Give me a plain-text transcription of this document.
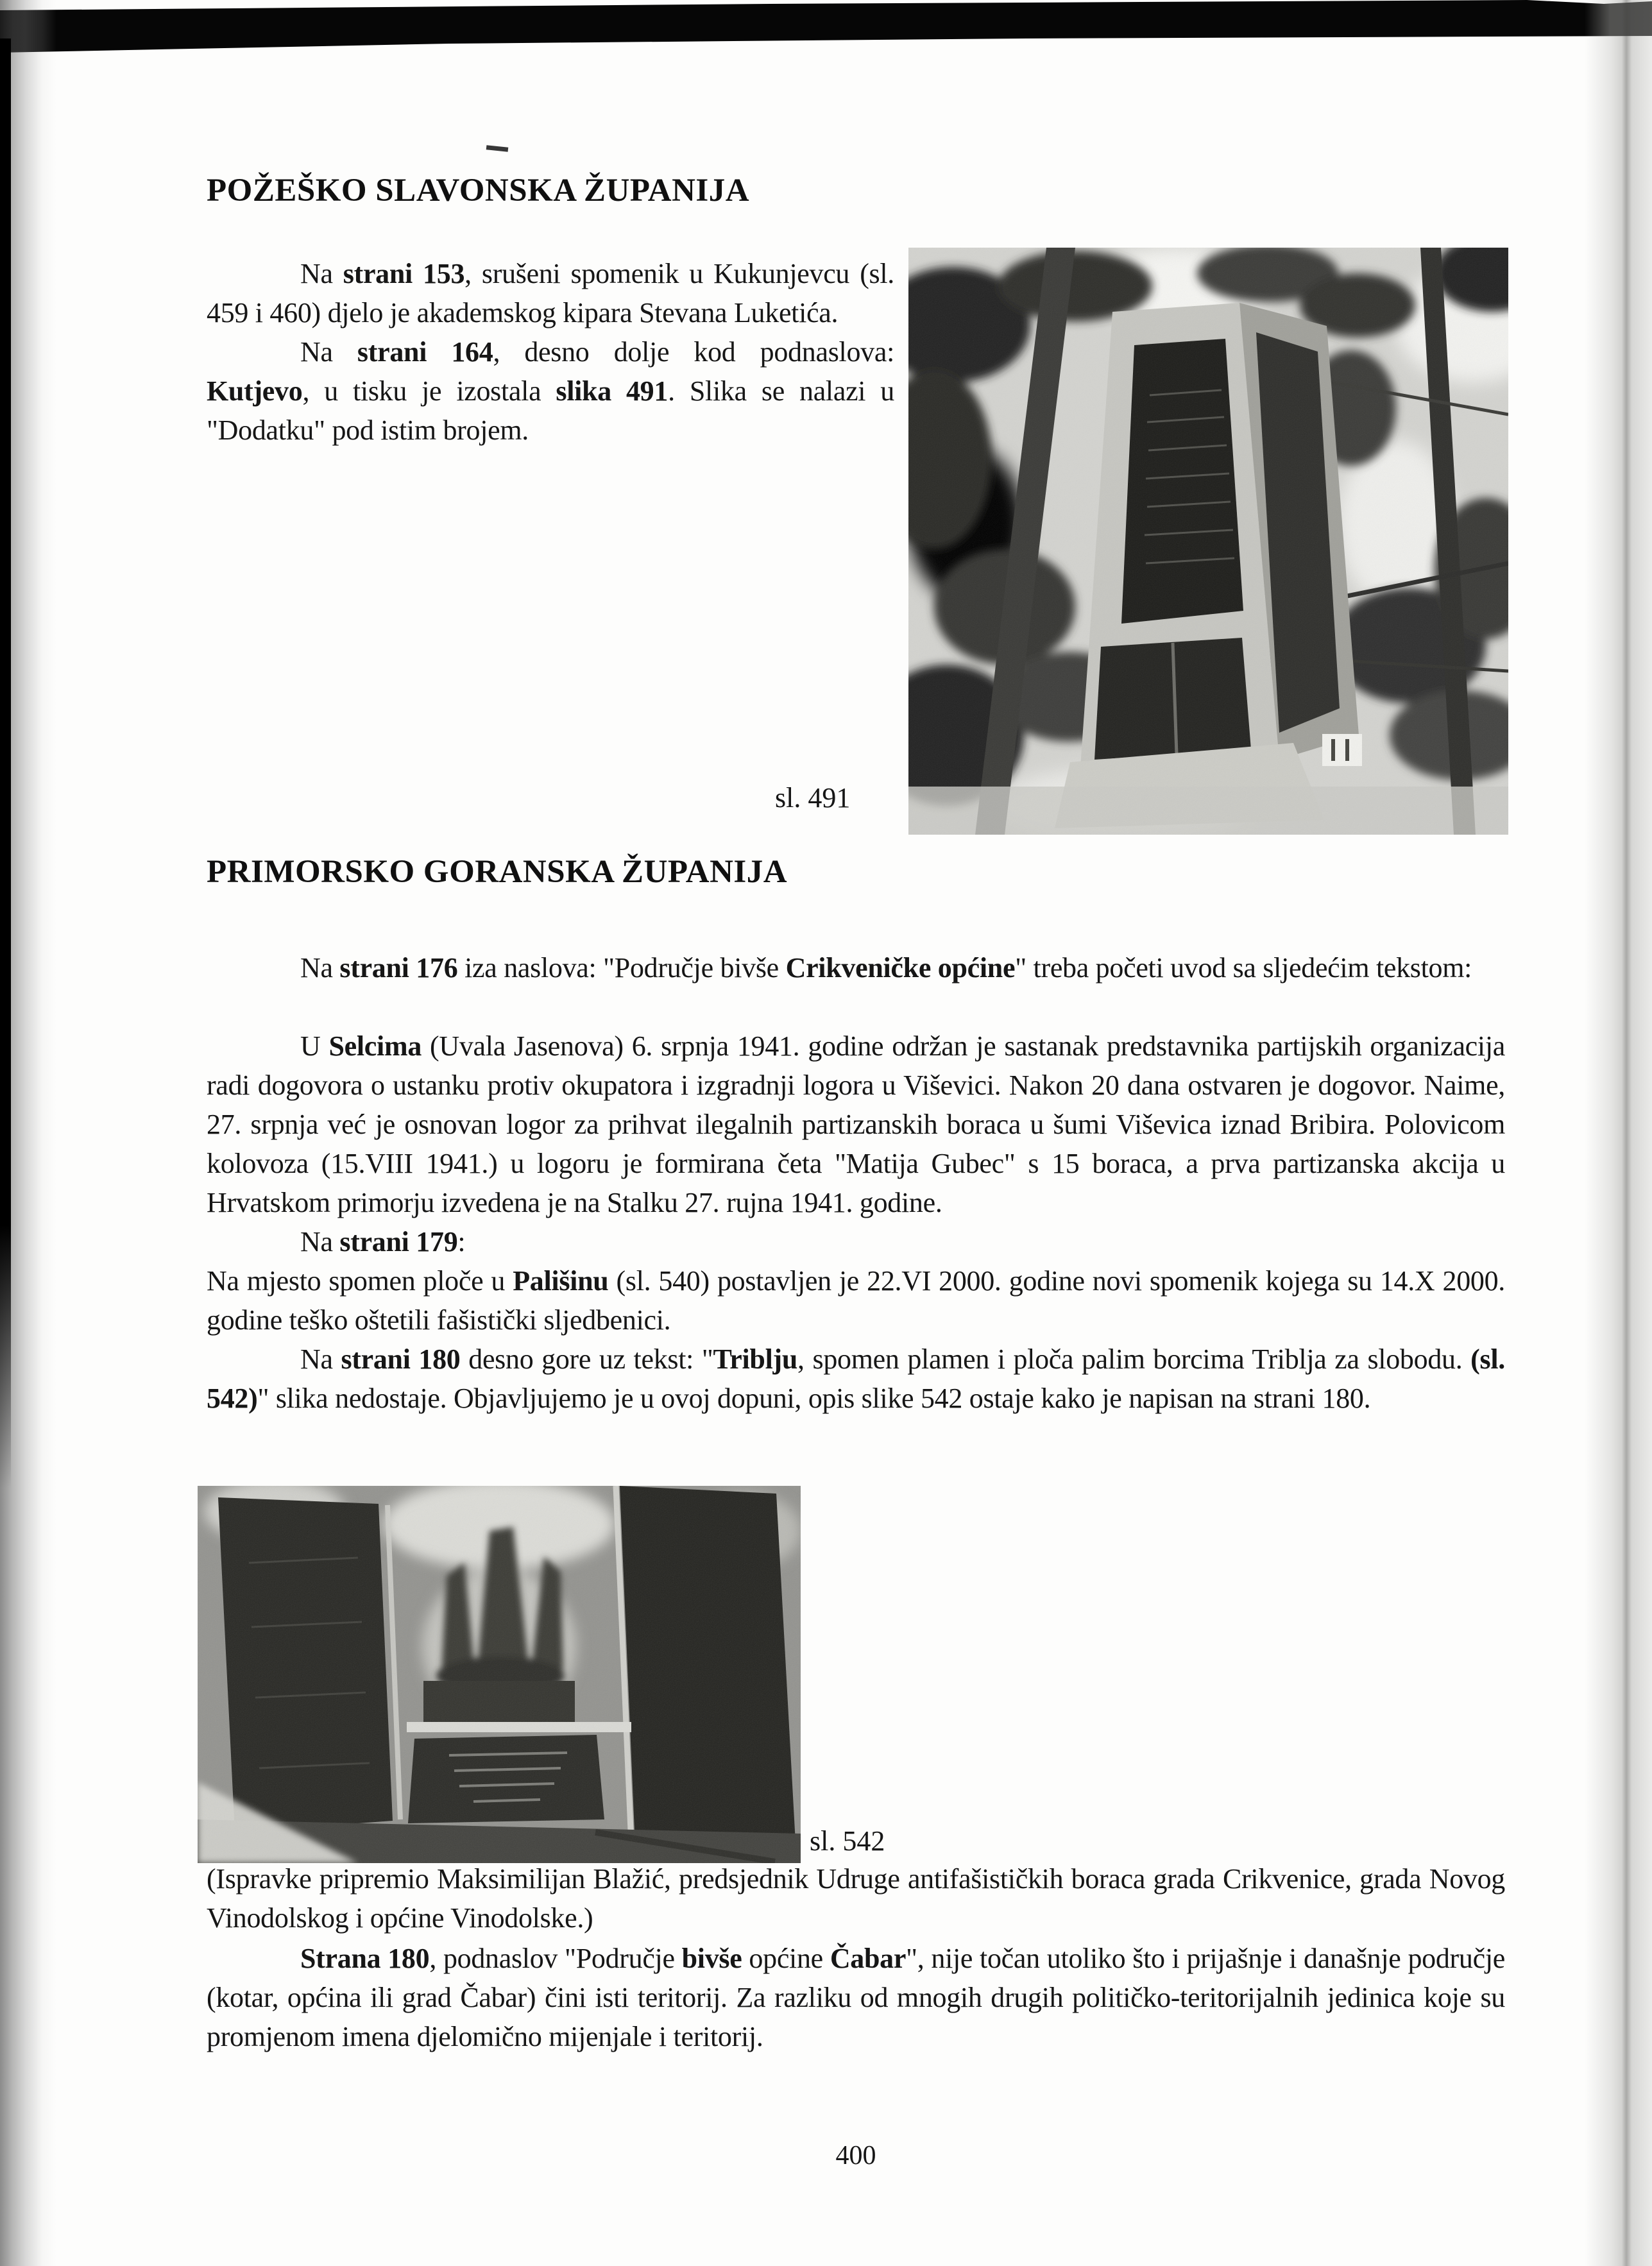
POŽEŠKO SLAVONSKA ŽUPANIJA

Na strani 153, srušeni spomenik u Kukunjevcu (sl. 459 i 460) djelo je akademskog kipara Stevana Luketića.

Na strani 164, desno dolje kod podnaslova: Kutjevo, u tisku je izostala slika 491. Slika se nalazi u "Dodatku" pod istim brojem.

sl. 491
PRIMORSKO GORANSKA ŽUPANIJA

Na strani 176 iza naslova: "Područje bivše Crikveničke općine" treba početi uvod sa sljedećim tekstom:

U Selcima (Uvala Jasenova) 6. srpnja 1941. godine održan je sastanak predstavnika partijskih organizacija radi dogovora o ustanku protiv okupatora i izgradnji logora u Viševici. Nakon 20 dana ostvaren je dogovor. Naime, 27. srpnja već je osnovan logor za prihvat ilegalnih partizanskih boraca u šumi Viševica iznad Bribira. Polovicom kolovoza (15.VIII 1941.) u logoru je formirana četa "Matija Gubec" s 15 boraca, a prva partizanska akcija u Hrvatskom primorju izvedena je na Stalku 27. rujna 1941. godine.

Na strani 179:

Na mjesto spomen ploče u Pališinu (sl. 540) postavljen je 22.VI 2000. godine novi spomenik kojega su 14.X 2000. godine teško oštetili fašistički sljedbenici.

Na strani 180 desno gore uz tekst: "Triblju, spomen plamen i ploča palim borcima Triblja za slobodu. (sl. 542)" slika nedostaje. Objavljujemo je u ovoj dopuni, opis slike 542 ostaje kako je napisan na strani 180.

sl. 542

(Ispravke pripremio Maksimilijan Blažić, predsjednik Udruge antifašističkih boraca grada Crikvenice, grada Novog Vinodolskog i općine Vinodolske.)

Strana 180, podnaslov "Područje bivše općine Čabar", nije točan utoliko što i prijašnje i današnje područje (kotar, općina ili grad Čabar) čini isti teritorij. Za razliku od mnogih drugih političko-teritorijalnih jedinica koje su promjenom imena djelomično mijenjale i teritorij.

400
